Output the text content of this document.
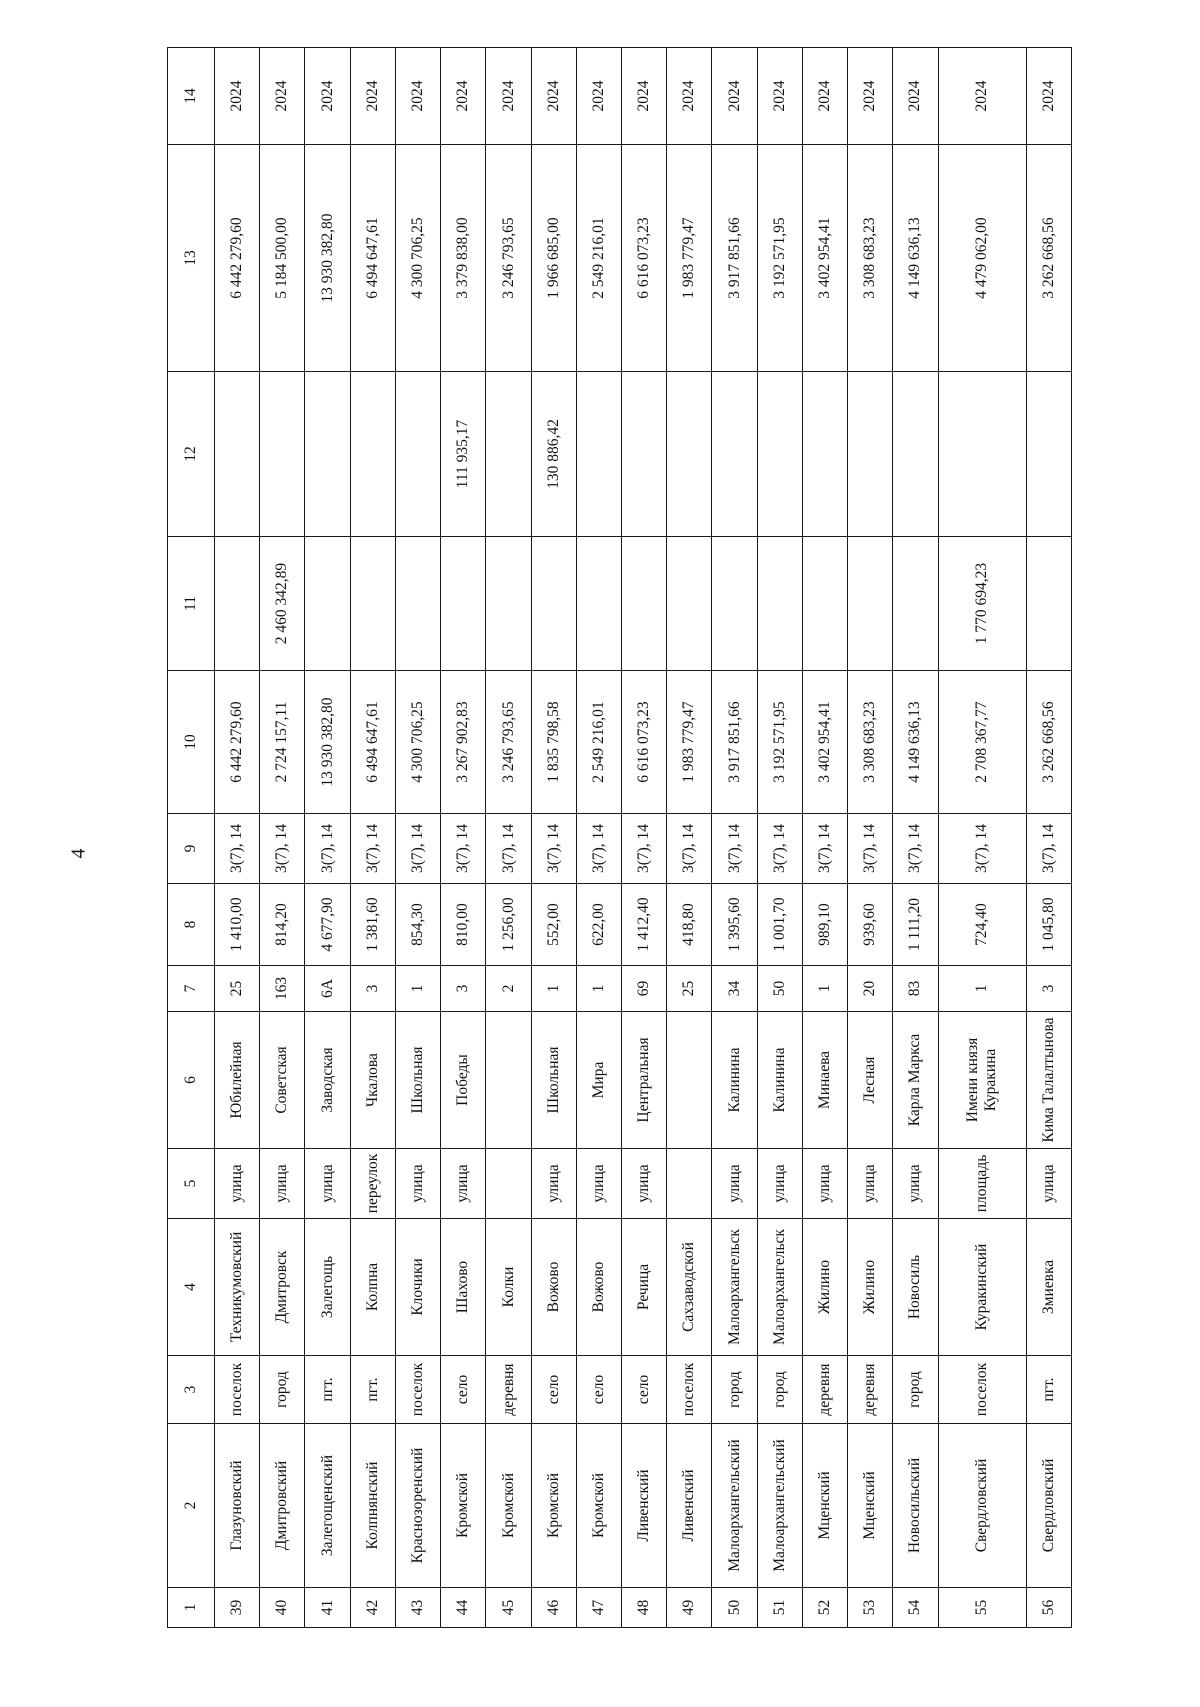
4
1	2	3	4	5	6	7	8	9	10	11	12	13	14
39	Глазуновский	поселок	Техникумовский	улица	Юбилейная	25	1 410,00	3(7), 14	6 442 279,60			6 442 279,60	2024
40	Дмитровский	город	Дмитровск	улица	Советская	163	814,20	3(7), 14	2 724 157,11	2 460 342,89		5 184 500,00	2024
41	Залегощенский	пгт.	Залегощь	улица	Заводская	6А	4 677,90	3(7), 14	13 930 382,80			13 930 382,80	2024
42	Колпнянский	пгт.	Колпна	переулок	Чкалова	3	1 381,60	3(7), 14	6 494 647,61			6 494 647,61	2024
43	Краснозоренский	поселок	Клочики	улица	Школьная	1	854,30	3(7), 14	4 300 706,25			4 300 706,25	2024
44	Кромской	село	Шахово	улица	Победы	3	810,00	3(7), 14	3 267 902,83		111 935,17	3 379 838,00	2024
45	Кромской	деревня	Колки			2	1 256,00	3(7), 14	3 246 793,65			3 246 793,65	2024
46	Кромской	село	Вожово	улица	Школьная	1	552,00	3(7), 14	1 835 798,58		130 886,42	1 966 685,00	2024
47	Кромской	село	Вожово	улица	Мира	1	622,00	3(7), 14	2 549 216,01			2 549 216,01	2024
48	Ливенский	село	Речица	улица	Центральная	69	1 412,40	3(7), 14	6 616 073,23			6 616 073,23	2024
49	Ливенский	поселок	Сахзаводской			25	418,80	3(7), 14	1 983 779,47			1 983 779,47	2024
50	Малоархангельский	город	Малоархангельск	улица	Калинина	34	1 395,60	3(7), 14	3 917 851,66			3 917 851,66	2024
51	Малоархангельский	город	Малоархангельск	улица	Калинина	50	1 001,70	3(7), 14	3 192 571,95			3 192 571,95	2024
52	Мценский	деревня	Жилино	улица	Минаева	1	989,10	3(7), 14	3 402 954,41			3 402 954,41	2024
53	Мценский	деревня	Жилино	улица	Лесная	20	939,60	3(7), 14	3 308 683,23			3 308 683,23	2024
54	Новосильский	город	Новосиль	улица	Карла Маркса	83	1 111,20	3(7), 14	4 149 636,13			4 149 636,13	2024
55	Свердловский	поселок	Куракинский	площадь	Имени князя Куракина	1	724,40	3(7), 14	2 708 367,77	1 770 694,23		4 479 062,00	2024
56	Свердловский	пгт.	Змиевка	улица	Кима Талалтынова	3	1 045,80	3(7), 14	3 262 668,56			3 262 668,56	2024
